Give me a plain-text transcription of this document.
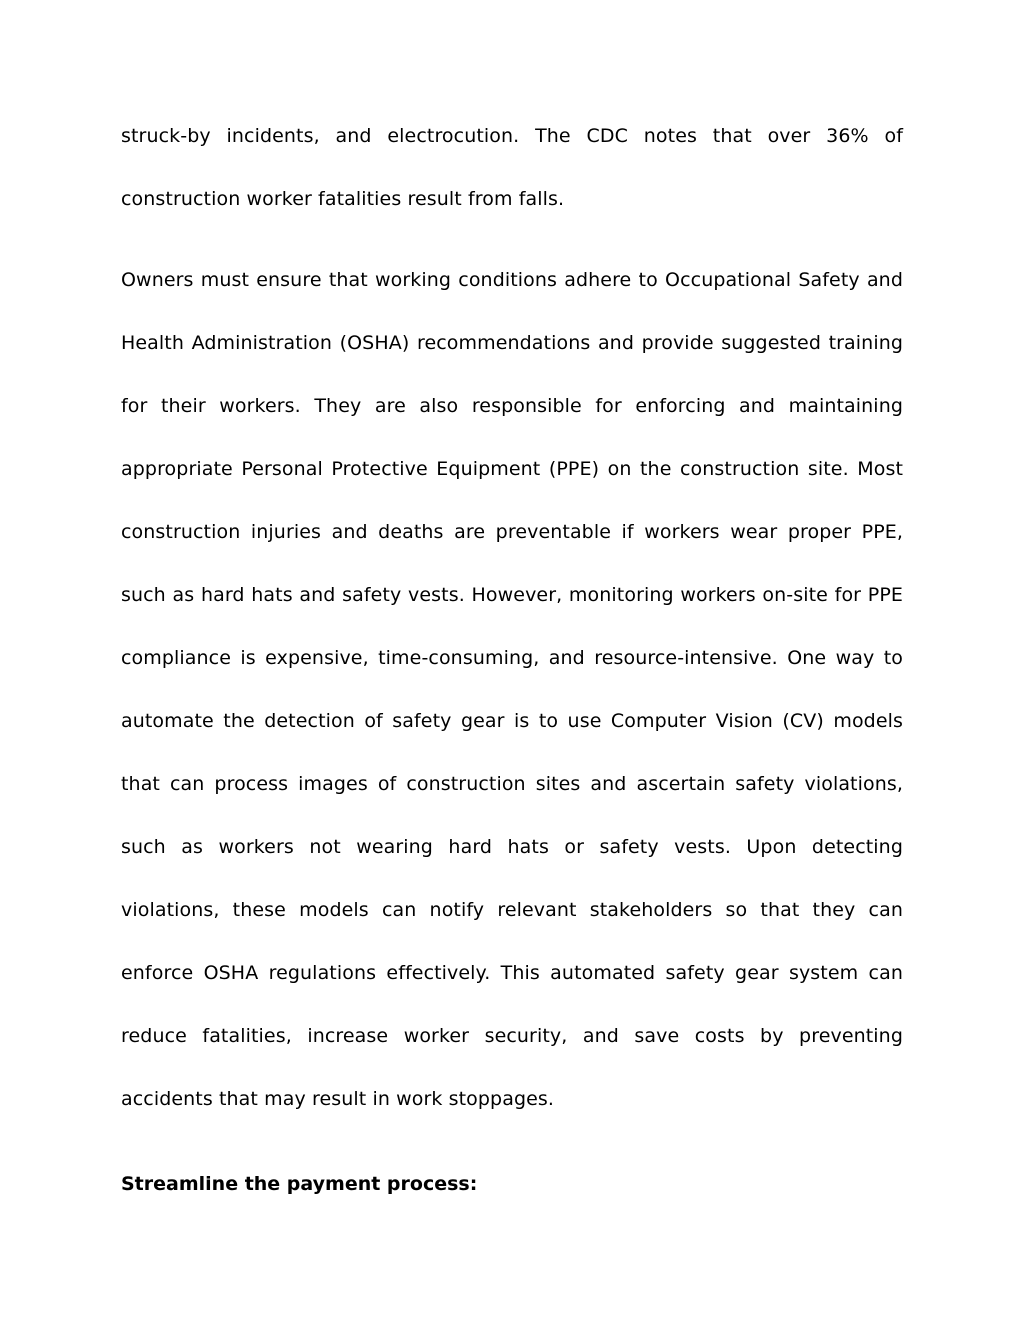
struck-by incidents, and electrocution. The CDC notes that over 36% of construction worker fatalities result from falls.

Owners must ensure that working conditions adhere to Occupational Safety and Health Administration (OSHA) recommendations and provide suggested training for their workers. They are also responsible for enforcing and maintaining appropriate Personal Protective Equipment (PPE) on the construction site. Most construction injuries and deaths are preventable if workers wear proper PPE, such as hard hats and safety vests. However, monitoring workers on-site for PPE compliance is expensive, time-consuming, and resource-intensive. One way to automate the detection of safety gear is to use Computer Vision (CV) models that can process images of construction sites and ascertain safety violations, such as workers not wearing hard hats or safety vests. Upon detecting violations, these models can notify relevant stakeholders so that they can enforce OSHA regulations effectively. This automated safety gear system can reduce fatalities, increase worker security, and save costs by preventing accidents that may result in work stoppages.

Streamline the payment process:
